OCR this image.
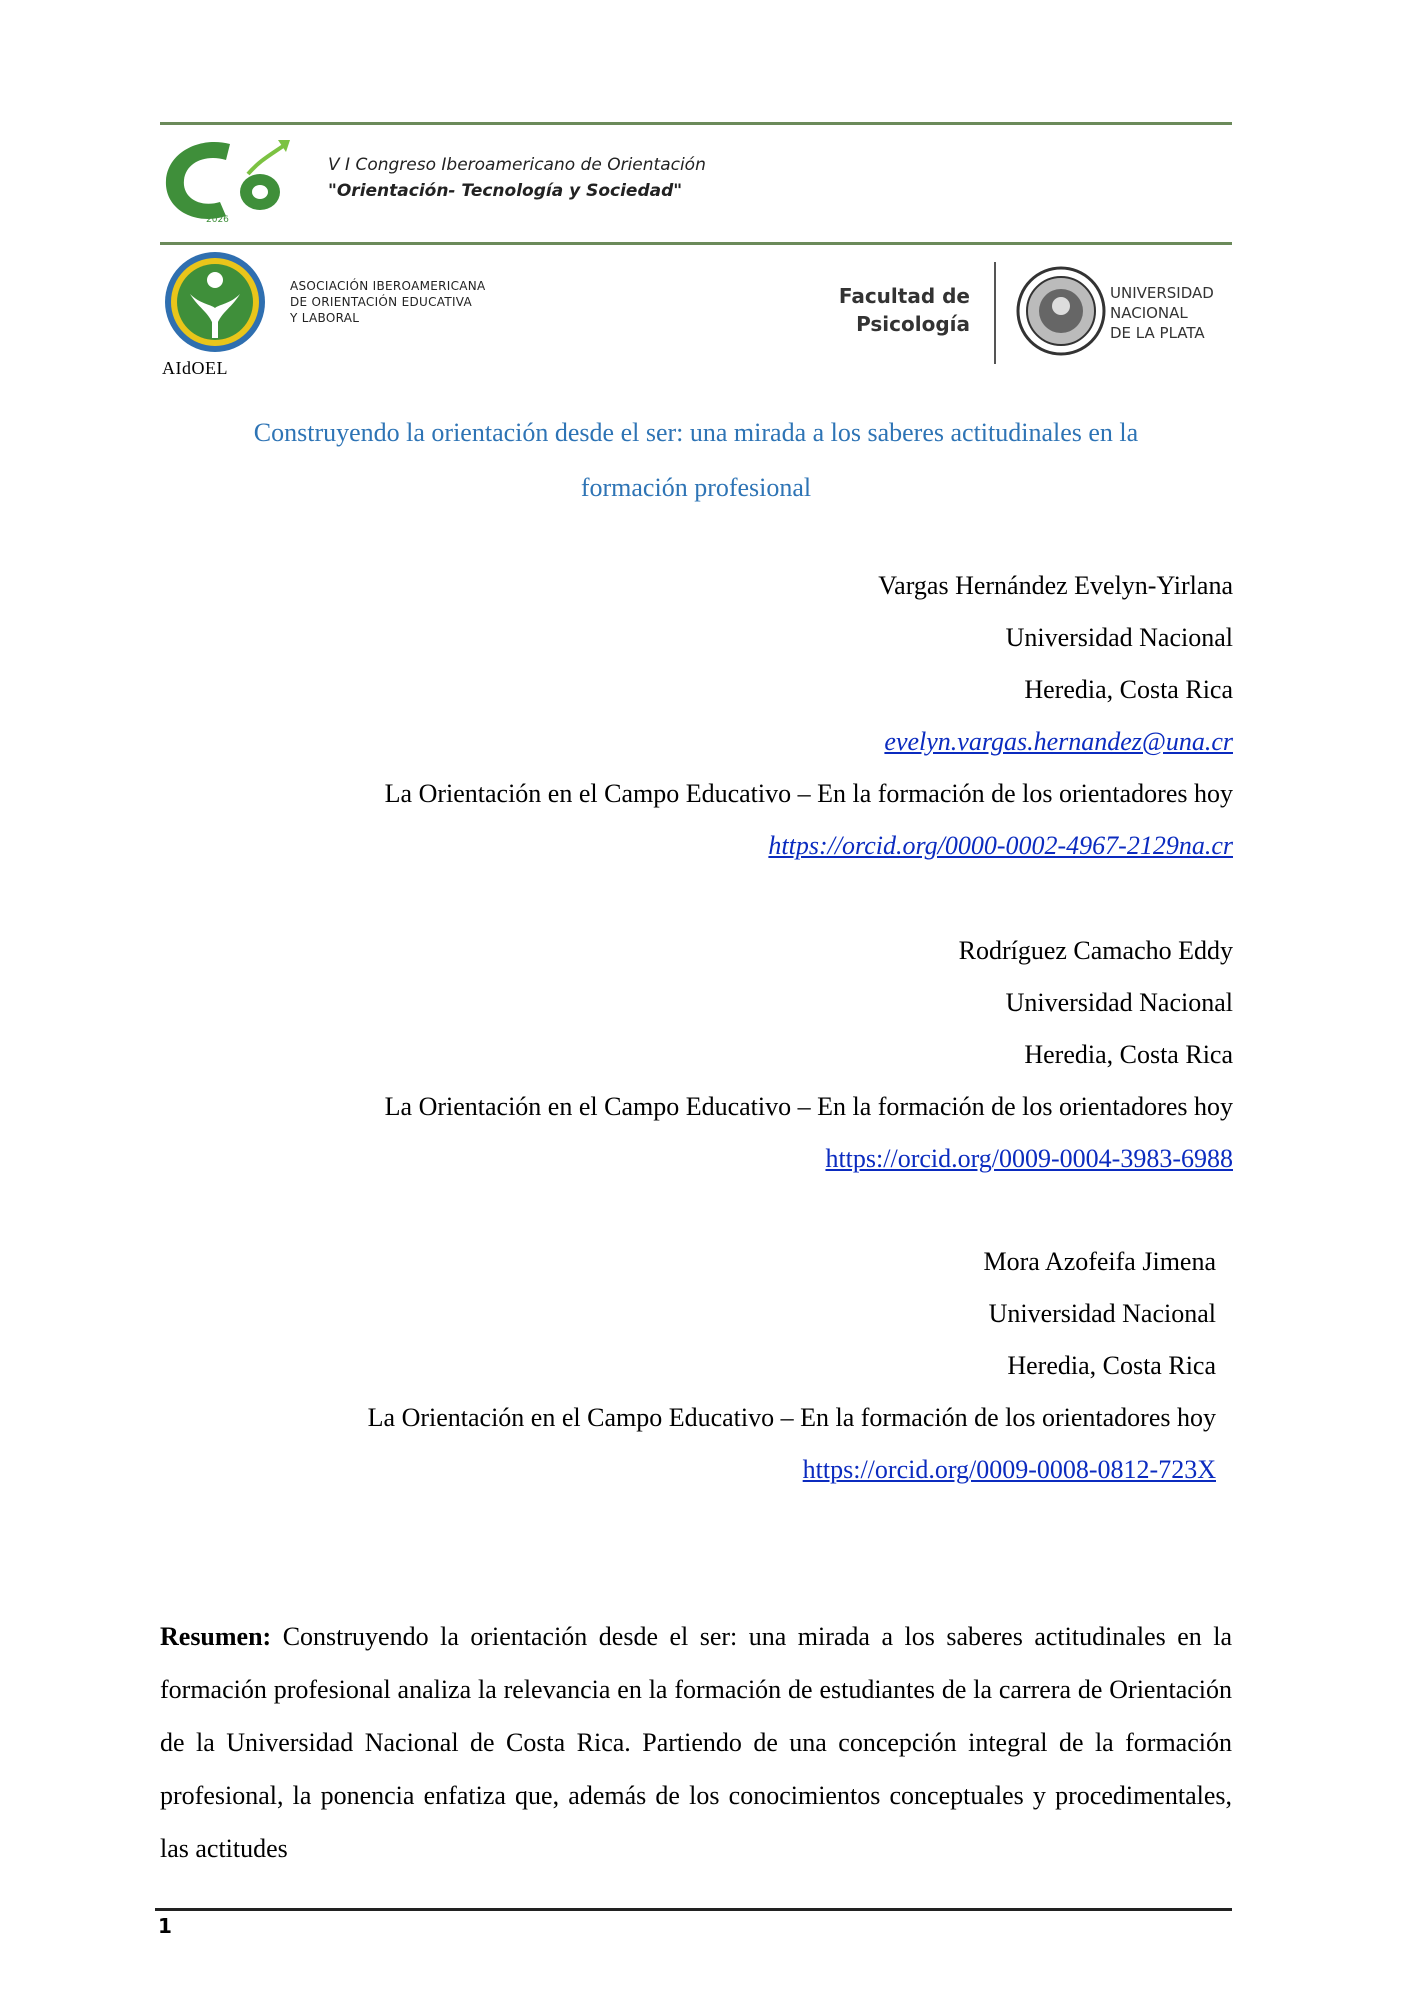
2026
V I Congreso Iberoamericano de Orientación
"Orientación- Tecnología y Sociedad"
AIdOEL
ASOCIACIÓN IBEROAMERICANA
DE ORIENTACIÓN EDUCATIVA
Y LABORAL
Facultad de
Psicología
UNIVERSIDAD
NACIONAL
DE LA PLATA
Construyendo la orientación desde el ser: una mirada a los saberes actitudinales en la
formación profesional
Vargas Hernández Evelyn-Yirlana
Universidad Nacional
Heredia, Costa Rica
evelyn.vargas.hernandez@una.cr
La Orientación en el Campo Educativo – En la formación de los orientadores hoy
https://orcid.org/0000-0002-4967-2129na.cr
Rodríguez Camacho Eddy
Universidad Nacional
Heredia, Costa Rica
La Orientación en el Campo Educativo – En la formación de los orientadores hoy
https://orcid.org/0009-0004-3983-6988
Mora Azofeifa Jimena
Universidad Nacional
Heredia, Costa Rica
La Orientación en el Campo Educativo – En la formación de los orientadores hoy
https://orcid.org/0009-0008-0812-723X
Resumen: Construyendo la orientación desde el ser: una mirada a los saberes actitudinales en la formación profesional analiza la relevancia en la formación de estudiantes de la carrera de Orientación de la Universidad Nacional de Costa Rica. Partiendo de una concepción integral de la formación profesional, la ponencia enfatiza que, además de los conocimientos conceptuales y procedimentales, las actitudes
1
